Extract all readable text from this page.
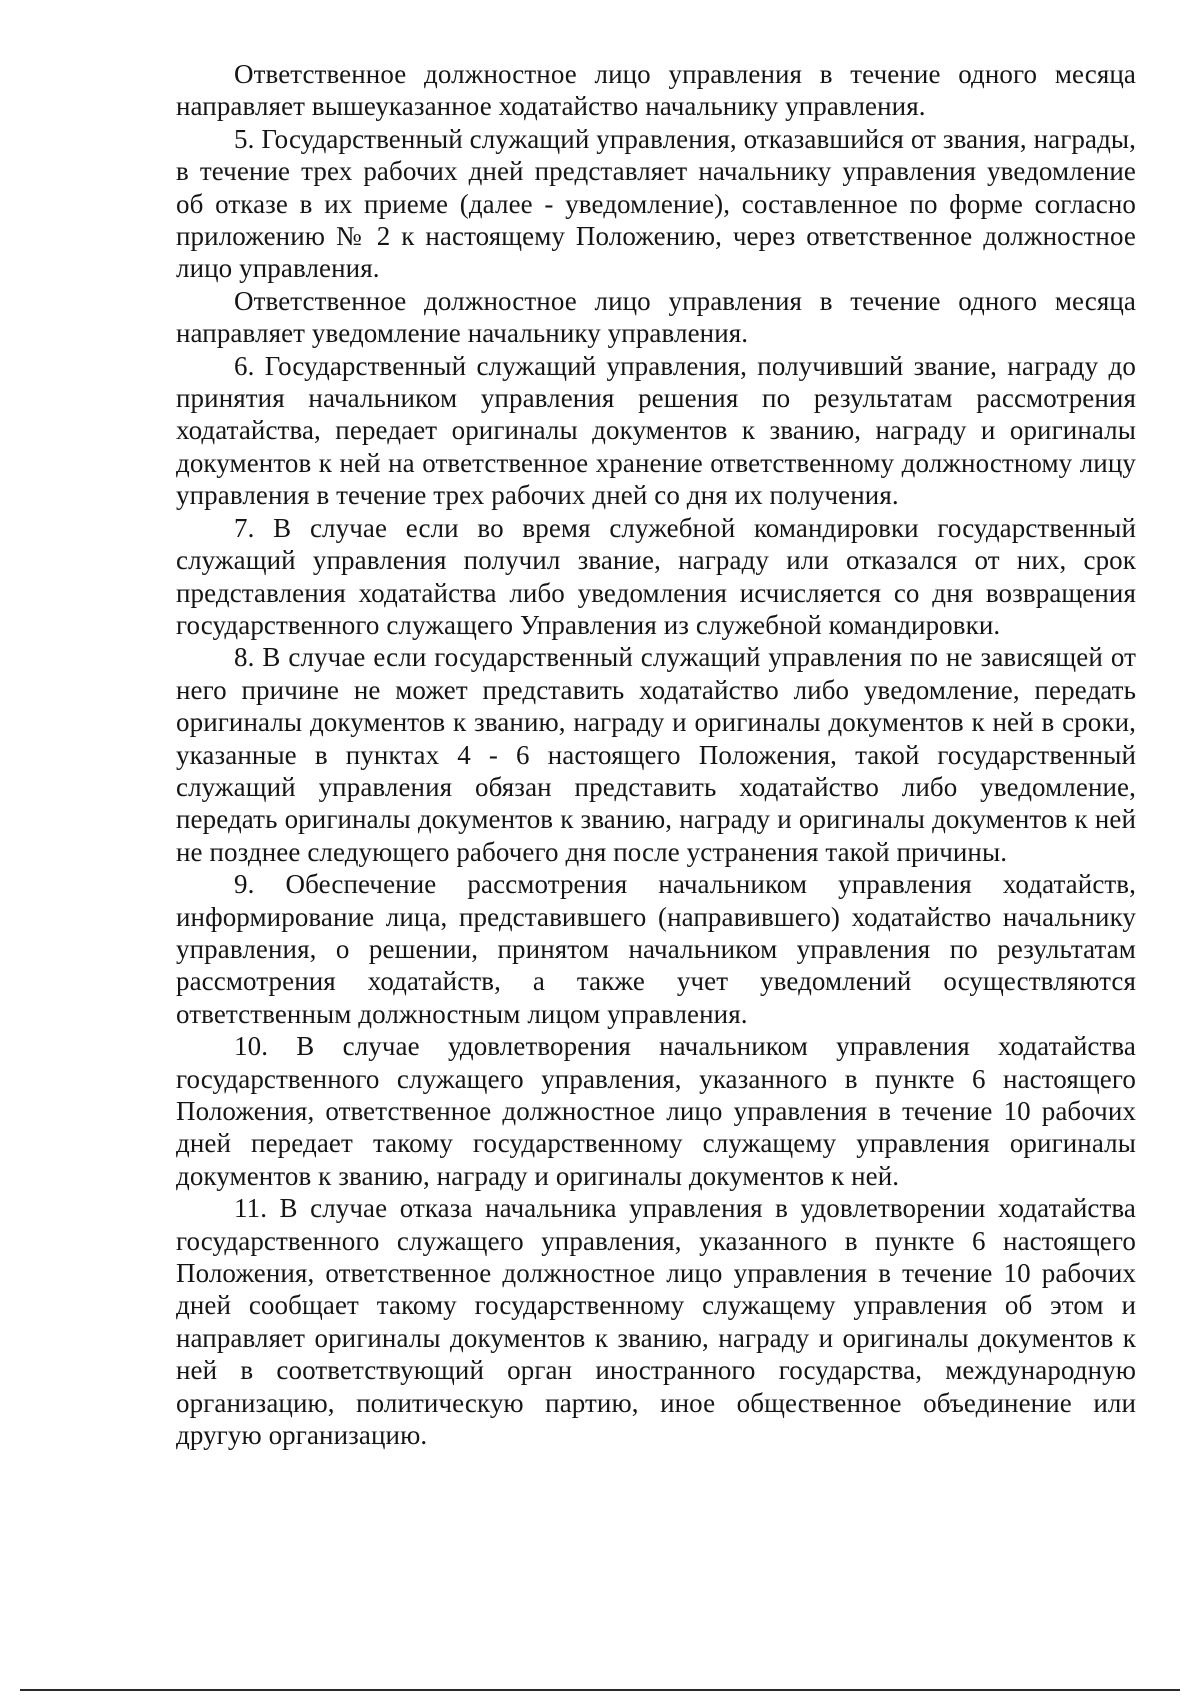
Ответственное должностное лицо управления в течение одного месяца направляет вышеуказанное ходатайство начальнику управления.

5. Государственный служащий управления, отказавшийся от звания, награды, в течение трех рабочих дней представляет начальнику управления уведомление об отказе в их приеме (далее - уведомление), составленное по форме согласно приложению № 2 к настоящему Положению, через ответственное должностное лицо управления.

Ответственное должностное лицо управления в течение одного месяца направляет уведомление начальнику управления.

6. Государственный служащий управления, получивший звание, награду до принятия начальником управления решения по результатам рассмотрения ходатайства, передает оригиналы документов к званию, награду и оригиналы документов к ней на ответственное хранение ответственному должностному лицу управления в течение трех рабочих дней со дня их получения.

7. В случае если во время служебной командировки государственный служащий управления получил звание, награду или отказался от них, срок представления ходатайства либо уведомления исчисляется со дня возвращения государственного служащего Управления из служебной командировки.

8. В случае если государственный служащий управления по не зависящей от него причине не может представить ходатайство либо уведомление, передать оригиналы документов к званию, награду и оригиналы документов к ней в сроки, указанные в пунктах 4 - 6 настоящего Положения, такой государственный служащий управления обязан представить ходатайство либо уведомление, передать оригиналы документов к званию, награду и оригиналы документов к ней не позднее следующего рабочего дня после устранения такой причины.

9. Обеспечение рассмотрения начальником управления ходатайств, информирование лица, представившего (направившего) ходатайство начальнику управления, о решении, принятом начальником управления по результатам рассмотрения ходатайств, а также учет уведомлений осуществляются ответственным должностным лицом управления.

10. В случае удовлетворения начальником управления ходатайства государственного служащего управления, указанного в пункте 6 настоящего Положения, ответственное должностное лицо управления в течение 10 рабочих дней передает такому государственному служащему управления оригиналы документов к званию, награду и оригиналы документов к ней.

11. В случае отказа начальника управления в удовлетворении ходатайства государственного служащего управления, указанного в пункте 6 настоящего Положения, ответственное должностное лицо управления в течение 10 рабочих дней сообщает такому государственному служащему управления об этом и направляет оригиналы документов к званию, награду и оригиналы документов к ней в соответствующий орган иностранного государства, международную организацию, политическую партию, иное общественное объединение или другую организацию.
